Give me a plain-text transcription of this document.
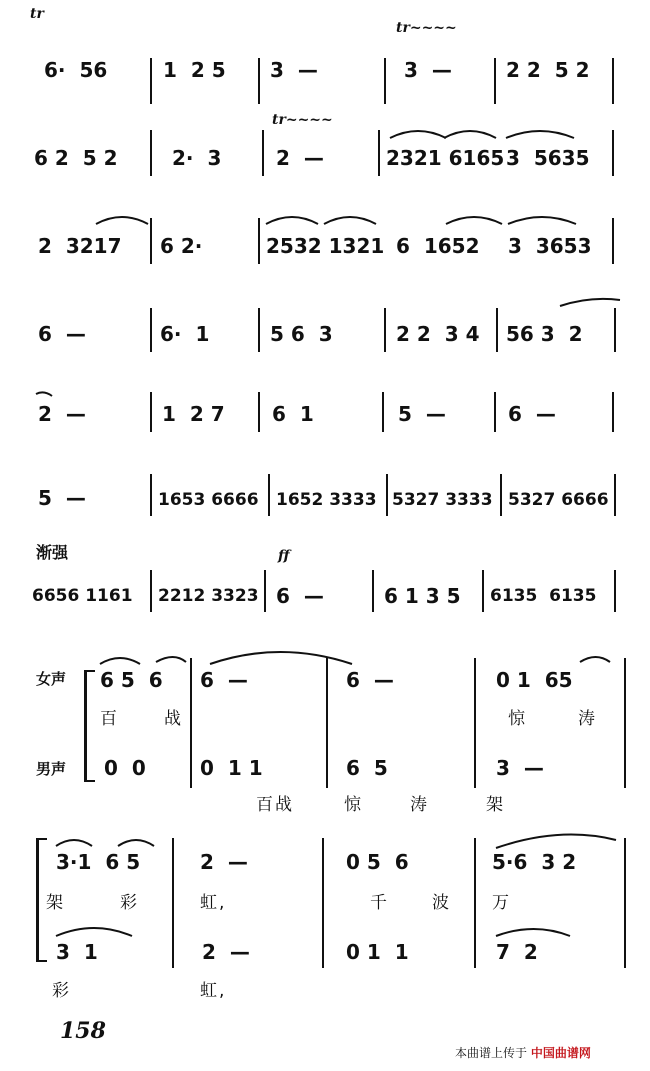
tr
6·  56	1  2 5 3  —
tr~~~~
3  —	2 2  5 2
6 2  5 2	2·  3
tr~~~~
2  —	2321 6165 3  5635
2  3217 6 2·	2532 1321 6  1652 3  3653
6  —	6·  1	5 6  3	2 2  3 4 56 3  2
2  —	1  2 7 6  1	5  —	6  —
5  —	1653 6666 1652 3333 5327 3333 5327 6666
渐强	ff
6656 1161 2212 3323 6  —	6 1 3 5 6135  6135
女声
男声
6 5  6 6  —	6  —	0 1  65
百	战	惊	涛
0  0	0  1 1	6  5	3  —
百战	惊	涛	架
3·1  6 5	2  —	0 5  6	5·6  3 2
架	彩	虹,	千	波 万
3  1	2  —	0 1  1	7  2
彩	虹,
158
本曲谱上传于 中国曲谱网
